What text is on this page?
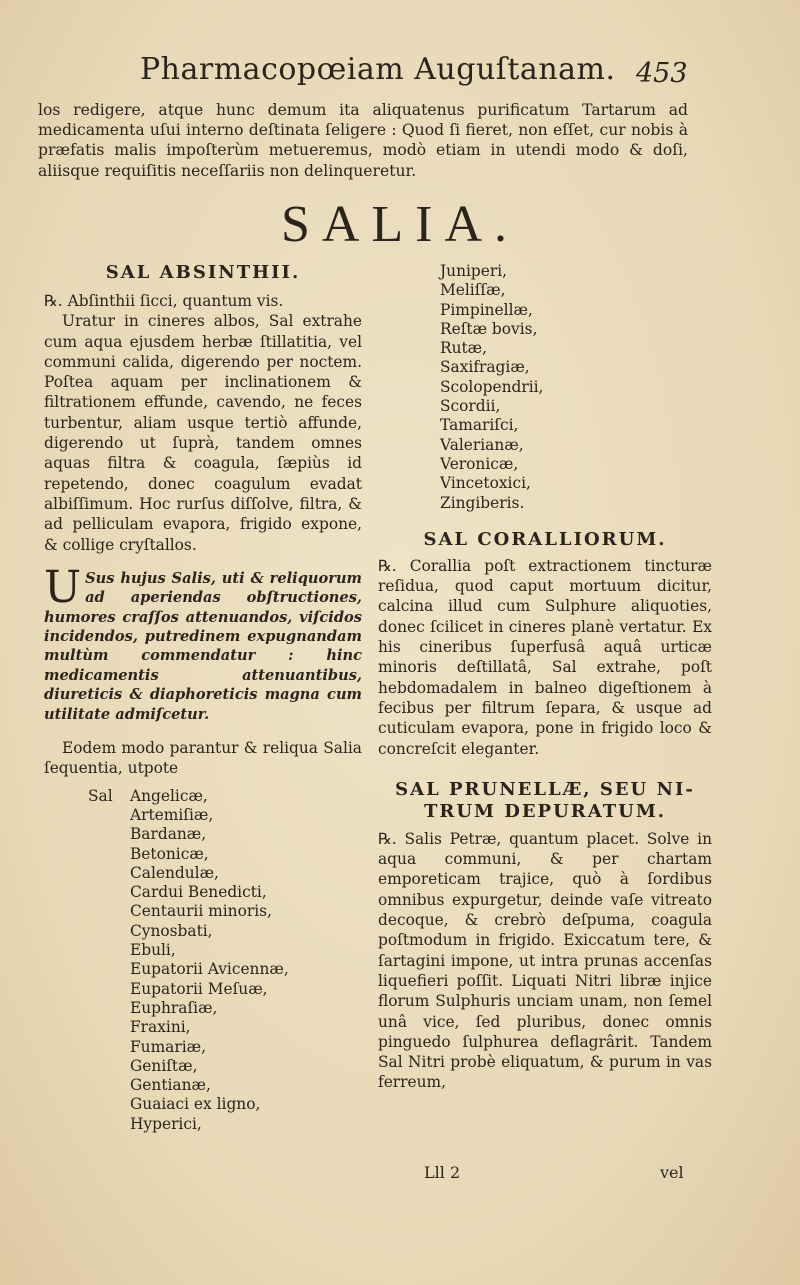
Pharmacopœiam Auguſtanam. 453

los redigere, atque hunc demum ita aliquatenus purificatum Tartarum ad medicamenta uſui interno deſtinata ſeligere : Quod ſi fieret, non eſſet, cur nobis à præfatis malis impoſterùm metueremus, modò etiam in utendi modo & doſi, aliisque requiſitis neceſſariis non delinqueretur.

SALIA.
SAL ABSINTHII.

℞. Abſinthii ſicci, quantum vis.

Uratur in cineres albos, Sal extrahe cum aqua ejusdem herbæ ſtillatitia, vel communi calida, digerendo per noctem. Poſtea aquam per inclinationem & filtrationem effunde, cavendo, ne feces turbentur, aliam usque tertiò affunde, digerendo ut ſuprà, tandem omnes aquas filtra & coagula, ſæpiùs id repetendo, donec coagulum evadat albiſſimum. Hoc rurſus diſſolve, filtra, & ad pelliculam evapora, frigido expone, & collige cryſtallos.

U Sus hujus Salis, uti & reliquorum ad aperiendas obſtructiones, humores craſſos attenuandos, viſcidos incidendos, putredinem expugnandam multùm commendatur : hinc medicamentis attenuantibus, diureticis & diaphoreticis magna cum utilitate admiſcetur.

Eodem modo parantur & reliqua Salia ſequentia, utpote

Sal Angelicæ,
Artemiſiæ,
Bardanæ,
Betonicæ,
Calendulæ,
Cardui Benedicti,
Centaurii minoris,
Cynosbati,
Ebuli,
Eupatorii Avicennæ,
Eupatorii Meſuæ,
Euphraſiæ,
Fraxini,
Fumariæ,
Geniſtæ,
Gentianæ,
Guaiaci ex ligno,
Hyperici,
Juniperi,
Meliſſæ,
Pimpinellæ,
Reſtæ bovis,
Rutæ,
Saxifragiæ,
Scolopendrii,
Scordii,
Tamariſci,
Valerianæ,
Veronicæ,
Vincetoxici,
Zingiberis.
SAL CORALLIORUM.

℞. Corallia poſt extractionem tincturæ reſidua, quod caput mortuum dicitur, calcina illud cum Sulphure aliquoties, donec ſcilicet in cineres planè vertatur. Ex his cineribus ſuperfusâ aquâ urticæ minoris deſtillatâ, Sal extrahe, poſt hebdomadalem in balneo digeſtionem à fecibus per filtrum ſepara, & usque ad cuticulam evapora, pone in frigido loco & concreſcit eleganter.

SAL PRUNELLÆ, SEU NI-
TRUM DEPURATUM.

℞. Salis Petræ, quantum placet. Solve in aqua communi, & per chartam emporeticam trajice, quò à ſordibus omnibus expurgetur, deinde vaſe vitreato decoque, & crebrò deſpuma, coagula poſtmodum in frigido. Exiccatum tere, & ſartagini impone, ut intra prunas accenſas liquefieri poſſit. Liquati Nitri libræ injice florum Sulphuris unciam unam, non ſemel unâ vice, ſed pluribus, donec omnis pinguedo ſulphurea deflagrârit. Tandem Sal Nitri probè eliquatum, & purum in vas ferreum,

Lll 2	vel
